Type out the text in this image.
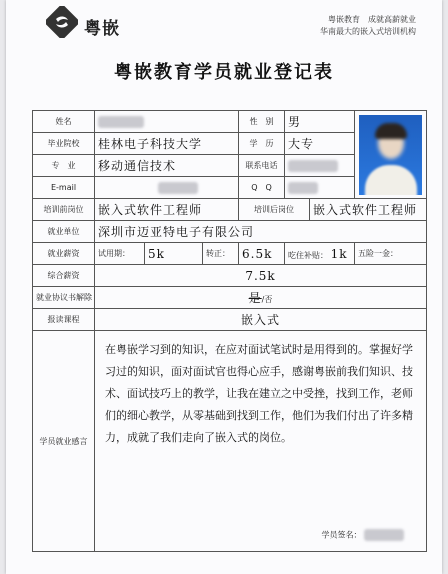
粤嵌	粤嵌教育　成就高薪就业
华南最大的嵌入式培训机构
粤嵌教育学员就业登记表
姓名				性　别	男		

毕业院校	桂林电子科技大学			学　历	大专		
专　业	移动通信技术			联系电话			
E-mail				Q　Q			
培训前岗位	嵌入式软件工程师			培训后岗位		嵌入式软件工程师	
就业单位	深圳市迈亚特电子有限公司						
就业薪资	试用期：	5k	转正：	6.5k	吃住补贴： 1k		五险一金：
综合薪资	7.5k						
就业协议书解除	是/否						
报读课程	嵌入式						
学员就业感言	在粤嵌学习到的知识，在应对面试笔试时是用得到的。掌握好学习过的知识，面对面试官也得心应手，感谢粤嵌前我们知识、技术、面试技巧上的教学，让我在建立之中受挫，找到工作，老师们的细心教学，从零基础到找到工作，他们为我们付出了许多精力，成就了我们走向了嵌入式的岗位。

学员签名：						
